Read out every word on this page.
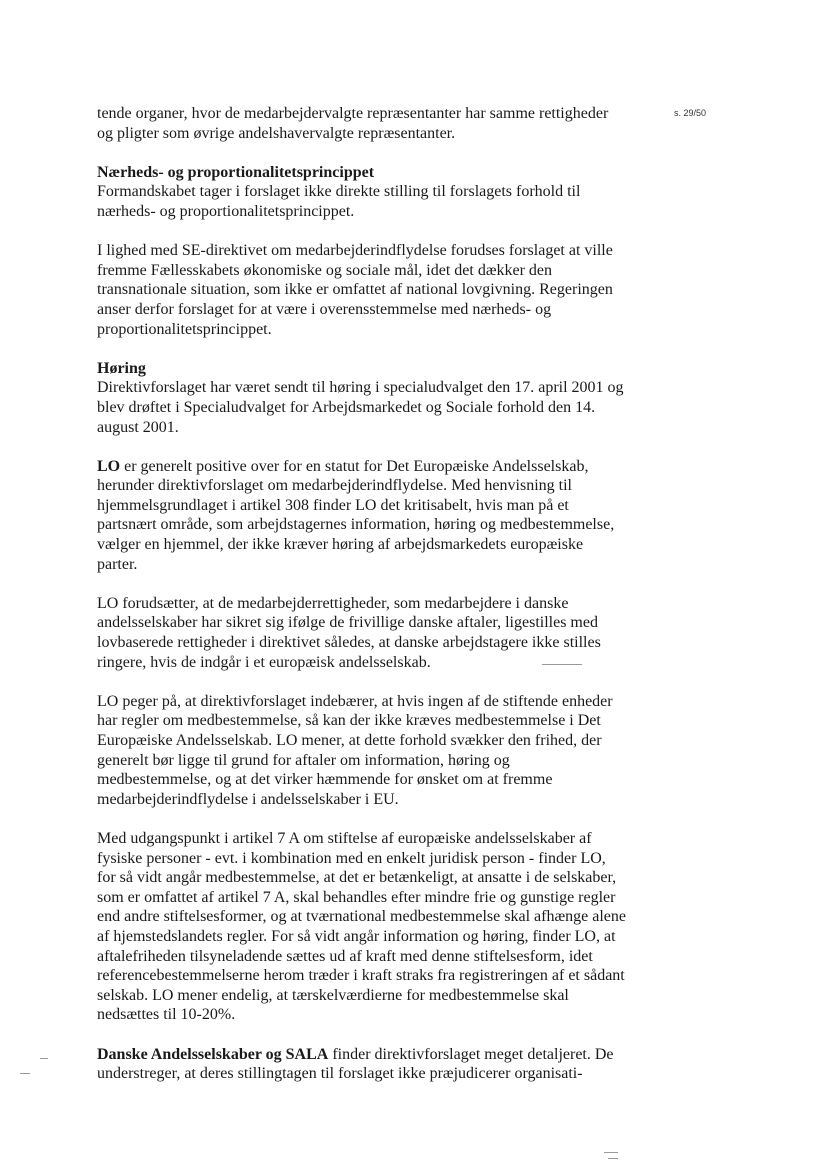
s. 29/50

tende organer, hvor de medarbejdervalgte repræsentanter har samme rettigheder og pligter som øvrige andelshavervalgte repræsentanter.

Nærheds- og proportionalitetsprincippet
Formandskabet tager i forslaget ikke direkte stilling til forslagets forhold til nærheds- og proportionalitetsprincippet.

I lighed med SE-direktivet om medarbejderindflydelse forudses forslaget at ville fremme Fællesskabets økonomiske og sociale mål, idet det dækker den transnationale situation, som ikke er omfattet af national lovgivning. Regeringen anser derfor forslaget for at være i overensstemmelse med nærheds- og proportionalitetsprincippet.

Høring
Direktivforslaget har været sendt til høring i specialudvalget den 17. april 2001 og blev drøftet i Specialudvalget for Arbejdsmarkedet og Sociale forhold den 14. august 2001.

LO er generelt positive over for en statut for Det Europæiske Andelsselskab, herunder direktivforslaget om medarbejderindflydelse. Med henvisning til hjemmelsgrundlaget i artikel 308 finder LO det kritisabelt, hvis man på et partsnært område, som arbejdstagernes information, høring og medbestemmelse, vælger en hjemmel, der ikke kræver høring af arbejdsmarkedets europæiske parter.

LO forudsætter, at de medarbejderrettigheder, som medarbejdere i danske andelsselskaber har sikret sig ifølge de frivillige danske aftaler, ligestilles med lovbaserede rettigheder i direktivet således, at danske arbejdstagere ikke stilles ringere, hvis de indgår i et europæisk andelsselskab.

LO peger på, at direktivforslaget indebærer, at hvis ingen af de stiftende enheder har regler om medbestemmelse, så kan der ikke kræves medbestemmelse i Det Europæiske Andelsselskab. LO mener, at dette forhold svækker den frihed, der generelt bør ligge til grund for aftaler om information, høring og medbestemmelse, og at det virker hæmmende for ønsket om at fremme medarbejderindflydelse i andelsselskaber i EU.

Med udgangspunkt i artikel 7 A om stiftelse af europæiske andelsselskaber af fysiske personer - evt. i kombination med en enkelt juridisk person - finder LO, for så vidt angår medbestemmelse, at det er betænkeligt, at ansatte i de selskaber, som er omfattet af artikel 7 A, skal behandles efter mindre frie og gunstige regler end andre stiftelsesformer, og at tværnational medbestemmelse skal afhænge alene af hjemstedslandets regler. For så vidt angår information og høring, finder LO, at aftalefriheden tilsyneladende sættes ud af kraft med denne stiftelsesform, idet referencebestemmelserne herom træder i kraft straks fra registreringen af et sådant selskab. LO mener endelig, at tærskelværdierne for medbestemmelse skal nedsættes til 10-20%.

Danske Andelsselskaber og SALA finder direktivforslaget meget detaljeret. De understreger, at deres stillingtagen til forslaget ikke præjudicerer organisati-
